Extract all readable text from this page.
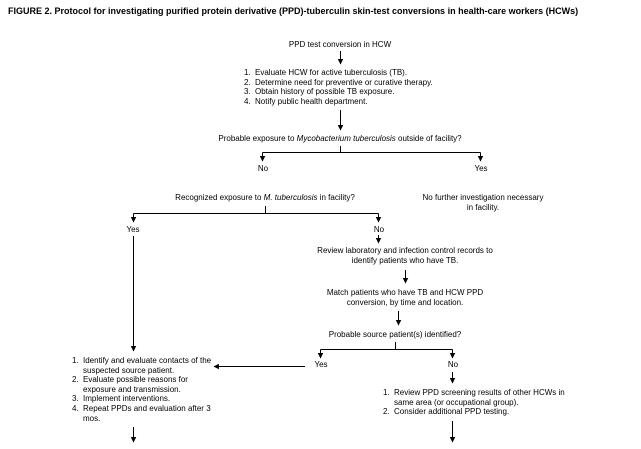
FIGURE 2. Protocol for investigating purified protein derivative (PPD)-tuberculin skin-test conversions in health-care workers (HCWs)
PPD test conversion in HCW
1. Evaluate HCW for active tuberculosis (TB).
2. Determine need for preventive or curative therapy.
3. Obtain history of possible TB exposure.
4. Notify public health department.
Probable exposure to Mycobacterium tuberculosis outside of facility?
No	Yes
Recognized exposure to M. tuberculosis in facility?	No further investigation necessary in facility.
Yes	No
Review laboratory and infection control records to identify patients who have TB.
Match patients who have TB and HCW PPD conversion, by time and location.
Probable source patient(s) identified?
Yes	No
1. Identify and evaluate contacts of the suspected source patient.
2. Evaluate possible reasons for exposure and transmission.
3. Implement interventions.
4. Repeat PPDs and evaluation after 3 mos.
1. Review PPD screening results of other HCWs in same area (or occupational group).
2. Consider additional PPD testing.
